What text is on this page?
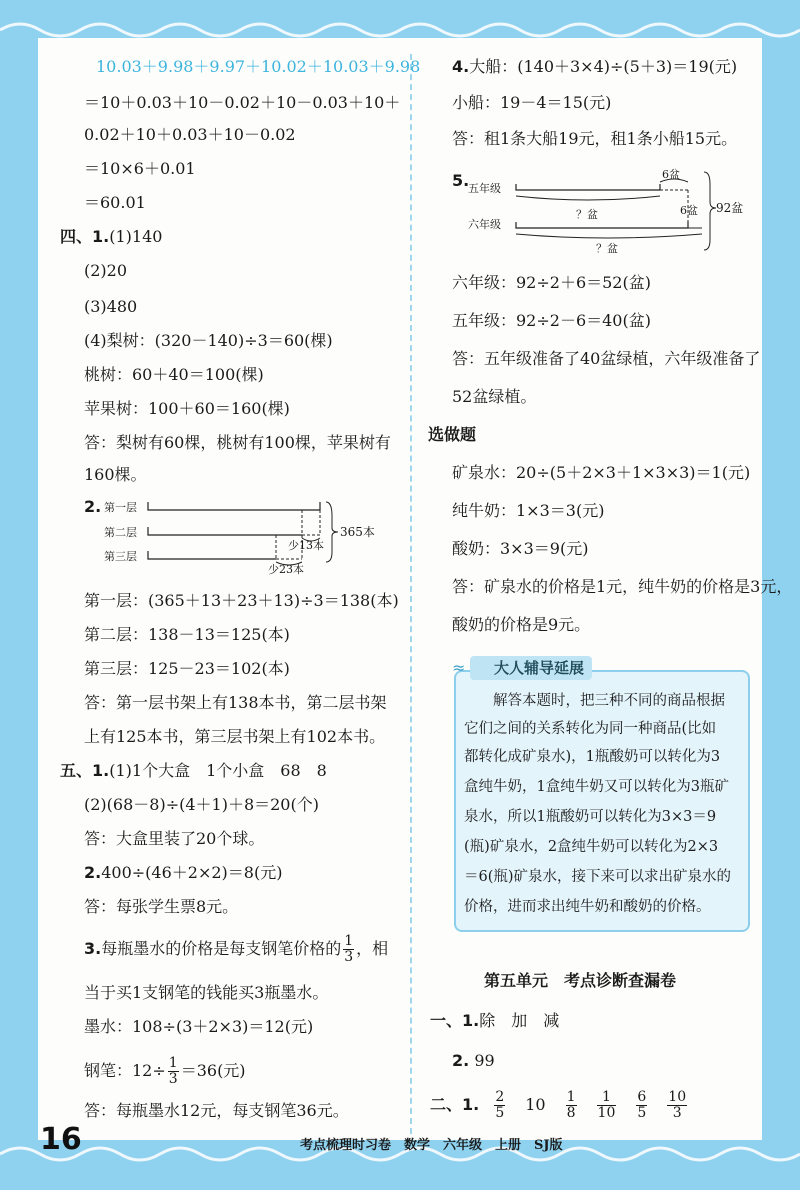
10.03＋9.98＋9.97＋10.02＋10.03＋9.98
＝10＋0.03＋10－0.02＋10－0.03＋10＋
0.02＋10＋0.03＋10－0.02
＝10×6＋0.01
＝60.01
四、1.(1)140
(2)20
(3)480
(4)梨树：(320－140)÷3＝60(棵)
桃树：60＋40＝100(棵)
苹果树：100＋60＝160(棵)
答：梨树有60棵，桃树有100棵，苹果树有
160棵。
2. 第一层
第二层
第三层
少13本
少23本
365本
第一层：(365＋13＋23＋13)÷3＝138(本)
第二层：138－13＝125(本)
第三层：125－23＝102(本)
答：第一层书架上有138本书，第二层书架
上有125本书，第三层书架上有102本书。
五、1.(1)1个大盒　1个小盒　68　8
(2)(68－8)÷(4＋1)＋8＝20(个)
答：大盒里装了20个球。
2.400÷(46＋2×2)＝8(元)
答：每张学生票8元。
3.每瓶墨水的价格是每支钢笔价格的 $\frac{1}{3}$ ，相
当于买1支钢笔的钱能买3瓶墨水。
墨水：108÷(3＋2×3)＝12(元)
钢笔：$12\div \frac{1}{3} =36$(元)
答：每瓶墨水12元，每支钢笔36元。
4.大船：(140＋3×4)÷(5＋3)＝19(元)
小船：19－4＝15(元)
答：租1条大船19元，租1条小船15元。
5.
五年级
六年级
6盆
？盆	6盆
？盆
92盆
六年级：92÷2＋6＝52(盆)
五年级：92÷2－6＝40(盆)
答：五年级准备了40盆绿植，六年级准备了
52盆绿植。
选做题
矿泉水：20÷(5＋2×3＋1×3×3)＝1(元)
纯牛奶：1×3＝3(元)
酸奶：3×3＝9(元)
答：矿泉水的价格是1元，纯牛奶的价格是3元，
酸奶的价格是9元。
大人辅导延展
≈
　　解答本题时，把三种不同的商品根据
它们之间的关系转化为同一种商品(比如
都转化成矿泉水)，1瓶酸奶可以转化为3
盒纯牛奶，1盒纯牛奶又可以转化为3瓶矿
泉水，所以1瓶酸奶可以转化为3×3＝9
(瓶)矿泉水，2盒纯牛奶可以转化为2×3
＝6(瓶)矿泉水，接下来可以求出矿泉水的
价格，进而求出纯牛奶和酸奶的价格。
第五单元　考点诊断查漏卷
一、1.除　加　减
2. 99
二、1. $\frac{2}{5} 10 \frac{1}{8} \frac{1}{10} \frac{6}{5} \frac{10}{3}$
16	考点梳理时习卷　数学　六年级　上册　SJ版
